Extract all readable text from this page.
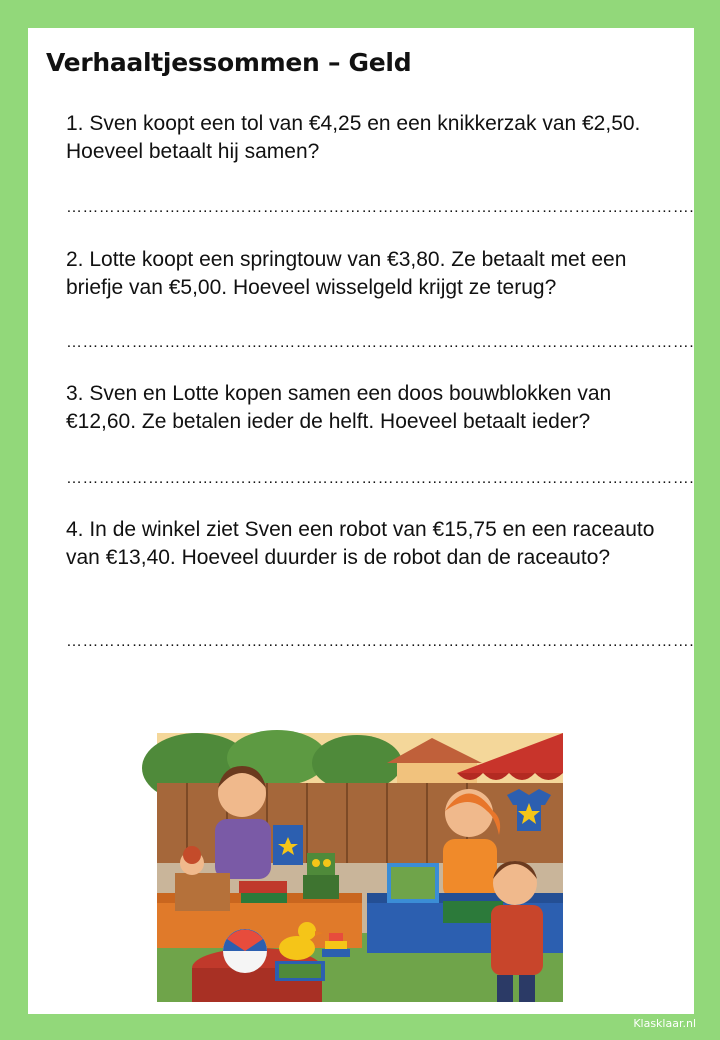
Verhaaltjessommen – Geld

1. Sven koopt een tol van €4,25 en een knikkerzak van €2,50. Hoeveel betaalt hij samen?

…………………………………………………………………………………………………….

2. Lotte koopt een springtouw van €3,80. Ze betaalt met een briefje van €5,00. Hoeveel wisselgeld krijgt ze terug?

…………………………………………………………………………………………………….

3. Sven en Lotte kopen samen een doos bouwblokken van €12,60. Ze betalen ieder de helft. Hoeveel betaalt ieder?

…………………………………………………………………………………………………….

4. In de winkel ziet Sven een robot van €15,75 en een raceauto van €13,40. Hoeveel duurder is de robot dan de raceauto?

…………………………………………………………………………………………………….
Klasklaar.nl
